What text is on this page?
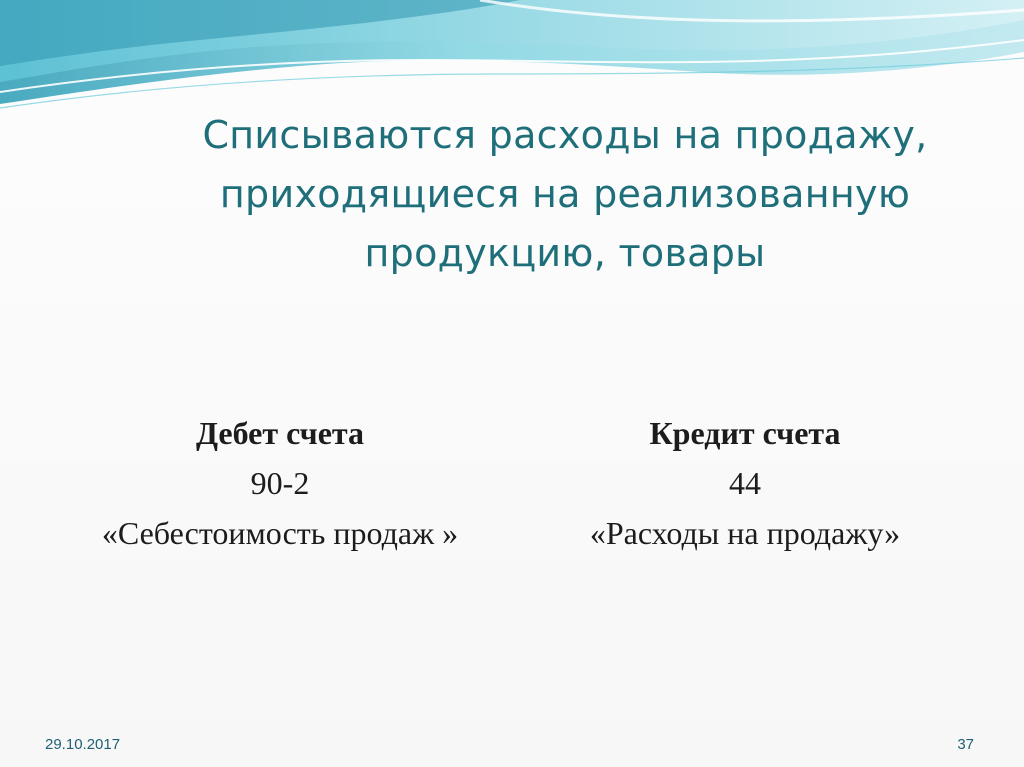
Списываются расходы на продажу,
приходящиеся на реализованную
продукцию, товары
Дебет счета
90-2
«Себестоимость продаж »
Кредит счета
44
«Расходы на продажу»
29.10.2017	37
